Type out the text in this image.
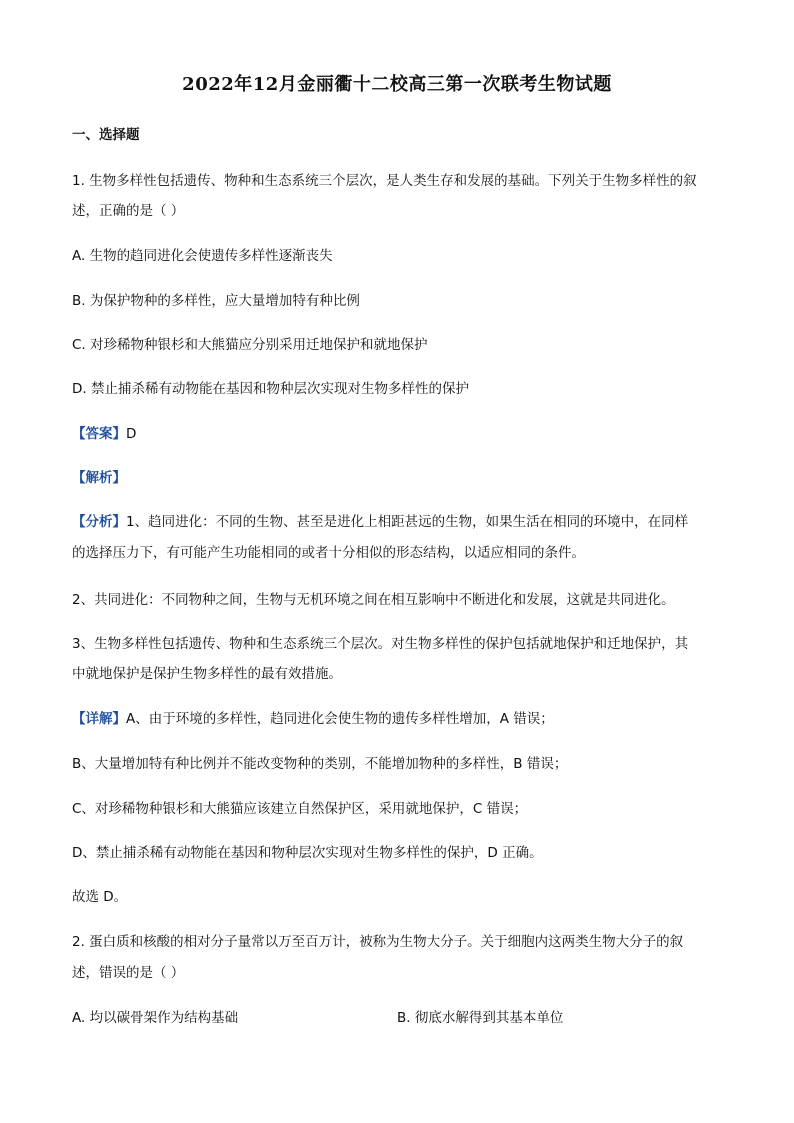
2022年12月金丽衢十二校高三第一次联考生物试题
一、选择题
1. 生物多样性包括遗传、物种和生态系统三个层次，是人类生存和发展的基础。下列关于生物多样性的叙
述，正确的是（ ）
A. 生物的趋同进化会使遗传多样性逐渐丧失
B. 为保护物种的多样性，应大量增加特有种比例
C. 对珍稀物种银杉和大熊猫应分别采用迁地保护和就地保护
D. 禁止捕杀稀有动物能在基因和物种层次实现对生物多样性的保护
【答案】D
【解析】
【分析】1、趋同进化：不同的生物、甚至是进化上相距甚远的生物，如果生活在相同的环境中，在同样
的选择压力下，有可能产生功能相同的或者十分相似的形态结构，以适应相同的条件。
2、共同进化：不同物种之间，生物与无机环境之间在相互影响中不断进化和发展，这就是共同进化。
3、生物多样性包括遗传、物种和生态系统三个层次。对生物多样性的保护包括就地保护和迁地保护，其
中就地保护是保护生物多样性的最有效措施。
【详解】A、由于环境的多样性，趋同进化会使生物的遗传多样性增加，A 错误；
B、大量增加特有种比例并不能改变物种的类别，不能增加物种的多样性，B 错误；
C、对珍稀物种银杉和大熊猫应该建立自然保护区，采用就地保护，C 错误；
D、禁止捕杀稀有动物能在基因和物种层次实现对生物多样性的保护，D 正确。
故选 D。
2. 蛋白质和核酸的相对分子量常以万至百万计，被称为生物大分子。关于细胞内这两类生物大分子的叙
述，错误的是（ ）
A. 均以碳骨架作为结构基础	B. 彻底水解得到其基本单位
